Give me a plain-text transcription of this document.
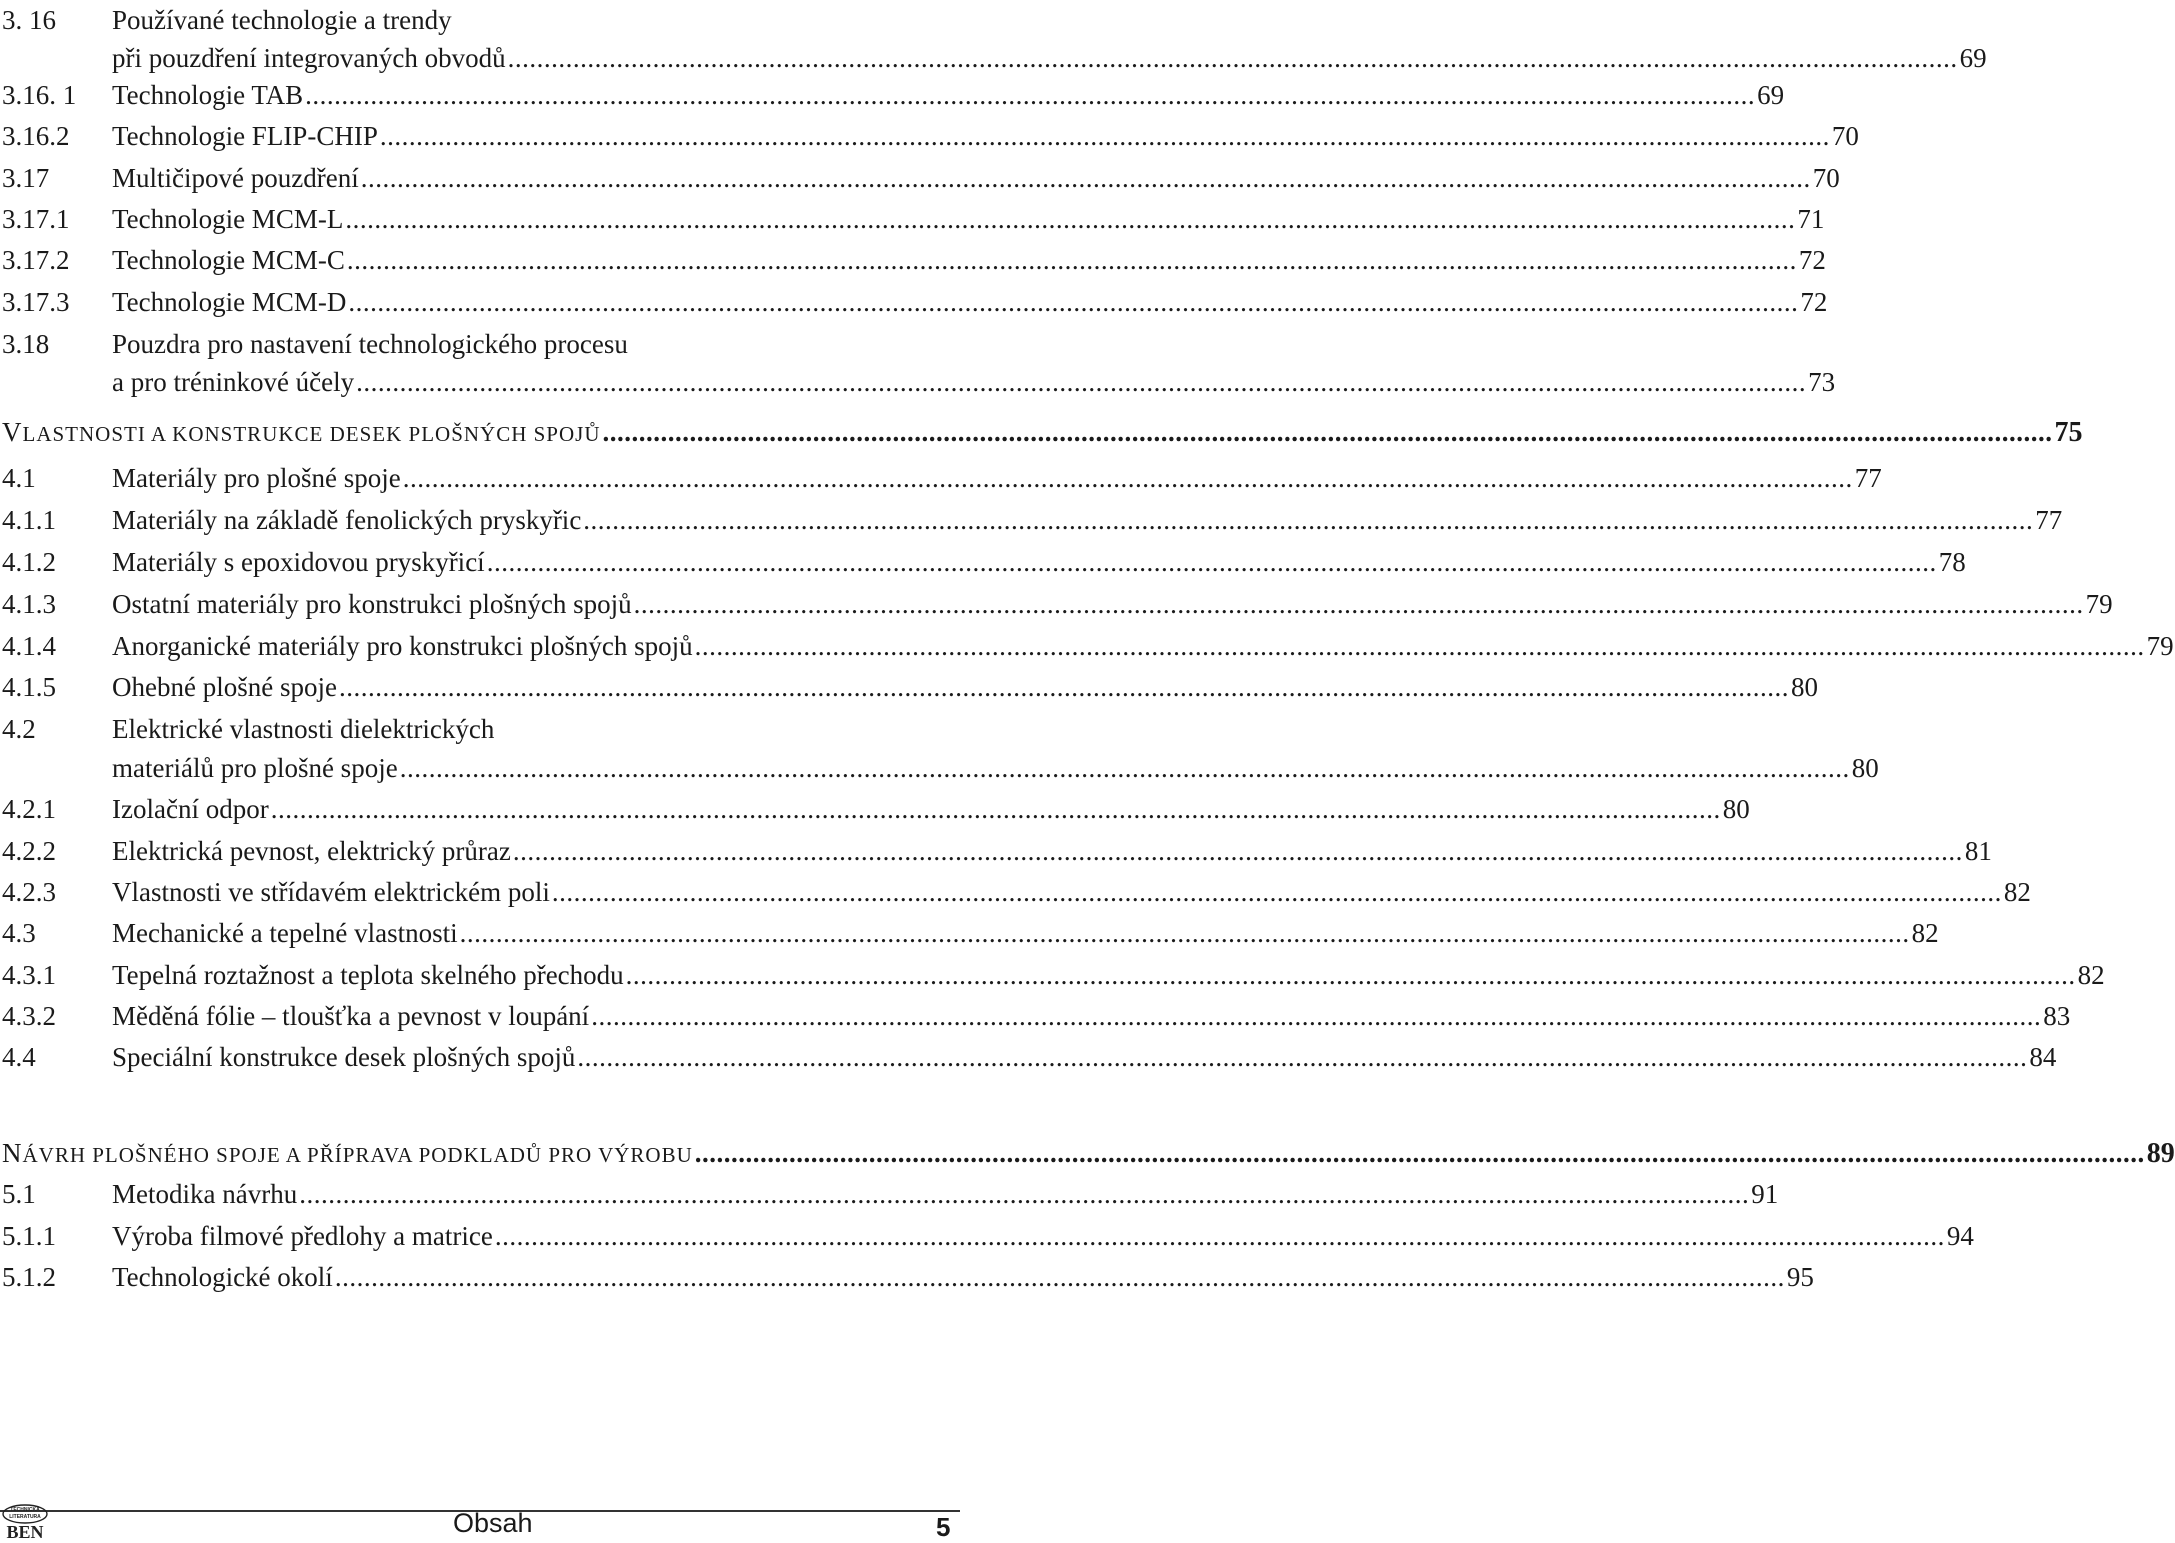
3. 16 Používané technologie a trendy
při pouzdření integrovaných obvodů ........................................................................................................................................................................................................ 69
3.16. 1 Technologie TAB ........................................................................................................................................................................................................ 69
3.16.2 Technologie FLIP-CHIP ........................................................................................................................................................................................................ 70
3.17 Multičipové pouzdření ........................................................................................................................................................................................................ 70
3.17.1 Technologie MCM-L ........................................................................................................................................................................................................ 71
3.17.2 Technologie MCM-C ........................................................................................................................................................................................................ 72
3.17.3 Technologie MCM-D ........................................................................................................................................................................................................ 72
3.18 Pouzdra pro nastavení technologického procesu
a pro tréninkové účely ........................................................................................................................................................................................................ 73
VLASTNOSTI A KONSTRUKCE DESEK PLOŠNÝCH SPOJŮ ........................................................................................................................................................................................................ 75
4.1	Materiály pro plošné spoje ........................................................................................................................................................................................................ 77
4.1.1 Materiály na základě fenolických pryskyřic ........................................................................................................................................................................................................ 77
4.1.2 Materiály s epoxidovou pryskyřicí ........................................................................................................................................................................................................ 78
4.1.3 Ostatní materiály pro konstrukci plošných spojů ........................................................................................................................................................................................................ 79
4.1.4 Anorganické materiály pro konstrukci plošných spojů ........................................................................................................................................................................................................ 79
4.1.5 Ohebné plošné spoje ........................................................................................................................................................................................................ 80
4.2	Elektrické vlastnosti dielektrických
materiálů pro plošné spoje ........................................................................................................................................................................................................ 80
4.2.1 Izolační odpor ........................................................................................................................................................................................................ 80
4.2.2 Elektrická pevnost, elektrický průraz ........................................................................................................................................................................................................ 81
4.2.3 Vlastnosti ve střídavém elektrickém poli ........................................................................................................................................................................................................ 82
4.3	Mechanické a tepelné vlastnosti ........................................................................................................................................................................................................ 82
4.3.1 Tepelná roztažnost a teplota skelného přechodu ........................................................................................................................................................................................................ 82
4.3.2 Měděná fólie – tloušťka a pevnost v loupání ........................................................................................................................................................................................................ 83
4.4	Speciální konstrukce desek plošných spojů ........................................................................................................................................................................................................ 84
NÁVRH PLOŠNÉHO SPOJE A PŘÍPRAVA PODKLADŮ PRO VÝROBU ........................................................................................................................................................................................................ 89
5.1	Metodika návrhu ........................................................................................................................................................................................................ 91
5.1.1 Výroba filmové předlohy a matrice ........................................................................................................................................................................................................ 94
5.1.2 Technologické okolí ........................................................................................................................................................................................................ 95
TECHNICKÁ
LITERATURA
BEN	Obsah	5
